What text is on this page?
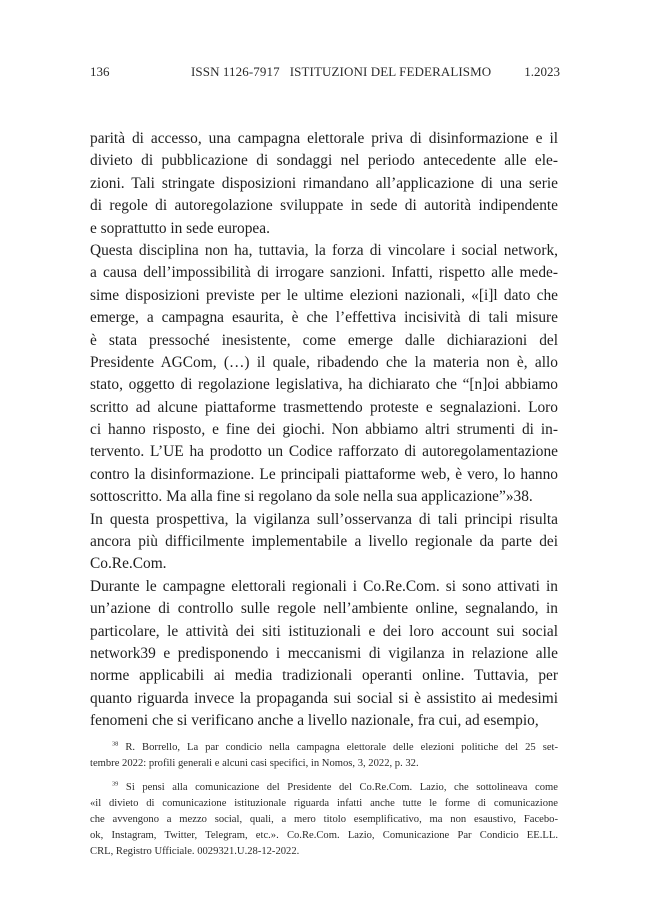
136	ISSN 1126-7917 ISTITUZIONI DEL FEDERALISMO	1.2023
parità di accesso, una campagna elettorale priva di disinformazione e il
divieto di pubblicazione di sondaggi nel periodo antecedente alle ele-
zioni. Tali stringate disposizioni rimandano all’applicazione di una serie
di regole di autoregolazione sviluppate in sede di autorità indipendente
e soprattutto in sede europea.
Questa disciplina non ha, tuttavia, la forza di vincolare i social network,
a causa dell’impossibilità di irrogare sanzioni. Infatti, rispetto alle mede-
sime disposizioni previste per le ultime elezioni nazionali, «[i]l dato che
emerge, a campagna esaurita, è che l’effettiva incisività di tali misure
è stata pressoché inesistente, come emerge dalle dichiarazioni del
Presidente AGCom, (…) il quale, ribadendo che la materia non è, allo
stato, oggetto di regolazione legislativa, ha dichiarato che “[n]oi abbiamo
scritto ad alcune piattaforme trasmettendo proteste e segnalazioni. Loro
ci hanno risposto, e fine dei giochi. Non abbiamo altri strumenti di in-
tervento. L’UE ha prodotto un Codice rafforzato di autoregolamentazione
contro la disinformazione. Le principali piattaforme web, è vero, lo hanno
sottoscritto. Ma alla fine si regolano da sole nella sua applicazione”»38.
In questa prospettiva, la vigilanza sull’osservanza di tali principi risulta
ancora più difficilmente implementabile a livello regionale da parte dei
Co.Re.Com.
Durante le campagne elettorali regionali i Co.Re.Com. si sono attivati in
un’azione di controllo sulle regole nell’ambiente online, segnalando, in
particolare, le attività dei siti istituzionali e dei loro account sui social
network39 e predisponendo i meccanismi di vigilanza in relazione alle
norme applicabili ai media tradizionali operanti online. Tuttavia, per
quanto riguarda invece la propaganda sui social si è assistito ai medesimi
fenomeni che si verificano anche a livello nazionale, fra cui, ad esempio,
$^{38}$ R. Borrello, La par condicio nella campagna elettorale delle elezioni politiche del 25 set-
tembre 2022: profili generali e alcuni casi specifici, in Nomos, 3, 2022, p. 32.
$^{39}$ Si pensi alla comunicazione del Presidente del Co.Re.Com. Lazio, che sottolineava come
«il divieto di comunicazione istituzionale riguarda infatti anche tutte le forme di comunicazione
che avvengono a mezzo social, quali, a mero titolo esemplificativo, ma non esaustivo, Facebo-
ok, Instagram, Twitter, Telegram, etc.». Co.Re.Com. Lazio, Comunicazione Par Condicio EE.LL.
CRL, Registro Ufficiale. 0029321.U.28-12-2022.
